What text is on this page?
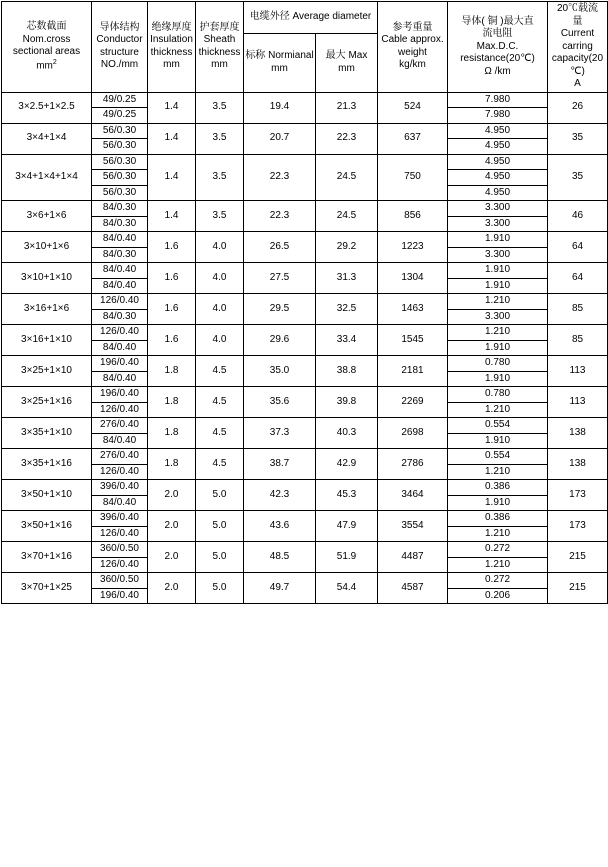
芯数截面
Nom.cross
sectional areas
$mm^2$

导体结构
Conductor
structure
NO./mm

绝缘厚度
Insulation
thickness
mm

护套厚度
Sheath
thickness
mm
	电缆外径 Average diameter	
参考重量
Cable approx.
weight
kg/km

导体( 铜 )最大直
流电阻
Max.D.C.
resistance(20℃)
Ω /km

20℃载流
量
Current
carring
capacity(20
℃)
A

				标称 Normianal mm	最大 Max mm			
3×2.5+1×2.5	49/0.25	1.4	3.5	19.4	21.3	524	7.980	26
	49/0.25						7.980	
3×4+1×4	56/0.30	1.4	3.5	20.7	22.3	637	4.950	35
	56/0.30						4.950	
3×4+1×4+1×4	56/0.30	1.4	3.5	22.3	24.5	750	4.950	35
	56/0.30						4.950	
	56/0.30						4.950	
3×6+1×6	84/0.30	1.4	3.5	22.3	24.5	856	3.300	46
	84/0.30						3.300	
3×10+1×6	84/0.40	1.6	4.0	26.5	29.2	1223	1.910	64
	84/0.30						3.300	
3×10+1×10	84/0.40	1.6	4.0	27.5	31.3	1304	1.910	64
	84/0.40						1.910	
3×16+1×6	126/0.40	1.6	4.0	29.5	32.5	1463	1.210	85
	84/0.30						3.300	
3×16+1×10	126/0.40	1.6	4.0	29.6	33.4	1545	1.210	85
	84/0.40						1.910	
3×25+1×10	196/0.40	1.8	4.5	35.0	38.8	2181	0.780	113
	84/0.40						1.910	
3×25+1×16	196/0.40	1.8	4.5	35.6	39.8	2269	0.780	113
	126/0.40						1.210	
3×35+1×10	276/0.40	1.8	4.5	37.3	40.3	2698	0.554	138
	84/0.40						1.910	
3×35+1×16	276/0.40	1.8	4.5	38.7	42.9	2786	0.554	138
	126/0.40						1.210	
3×50+1×10	396/0.40	2.0	5.0	42.3	45.3	3464	0.386	173
	84/0.40						1.910	
3×50+1×16	396/0.40	2.0	5.0	43.6	47.9	3554	0.386	173
	126/0.40						1.210	
3×70+1×16	360/0.50	2.0	5.0	48.5	51.9	4487	0.272	215
	126/0.40						1.210	
3×70+1×25	360/0.50	2.0	5.0	49.7	54.4	4587	0.272	215
	196/0.40						0.206	
